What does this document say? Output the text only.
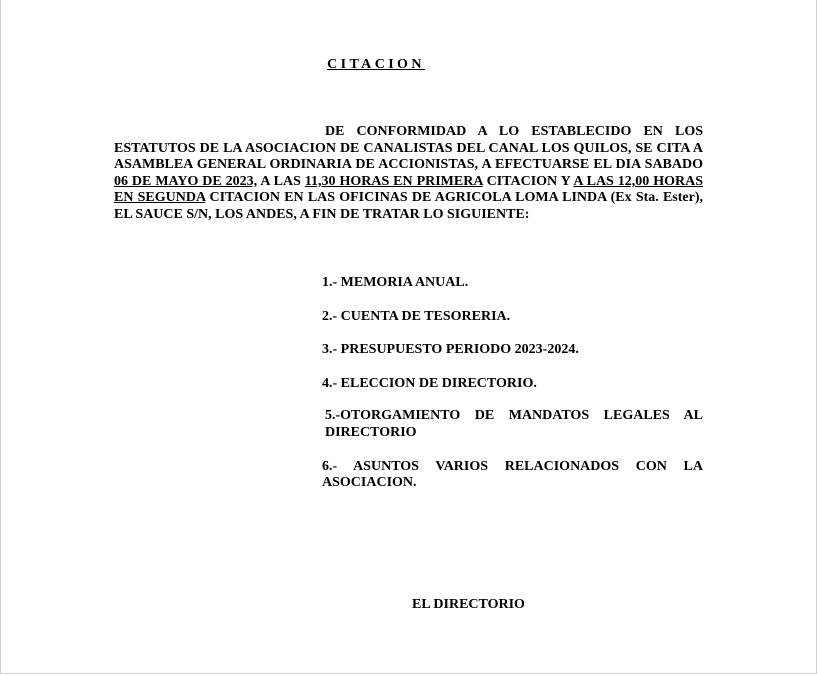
CITACION
DE CONFORMIDAD A LO ESTABLECIDO EN LOS ESTATUTOS DE LA ASOCIACION DE CANALISTAS DEL CANAL LOS QUILOS, SE CITA A ASAMBLEA GENERAL ORDINARIA DE ACCIONISTAS, A EFECTUARSE EL DIA SABADO 06 DE MAYO DE 2023, A LAS 11,30 HORAS EN PRIMERA CITACION Y A LAS 12,00 HORAS EN SEGUNDA CITACION EN LAS OFICINAS DE AGRICOLA LOMA LINDA (Ex Sta. Ester), EL SAUCE S/N, LOS ANDES, A FIN DE TRATAR LO SIGUIENTE:
1.- MEMORIA ANUAL.
2.- CUENTA DE TESORERIA.
3.- PRESUPUESTO PERIODO 2023-2024.
4.- ELECCION DE DIRECTORIO.
5.-OTORGAMIENTO DE MANDATOS LEGALES AL DIRECTORIO
6.- ASUNTOS VARIOS RELACIONADOS CON LA ASOCIACION.
EL DIRECTORIO
